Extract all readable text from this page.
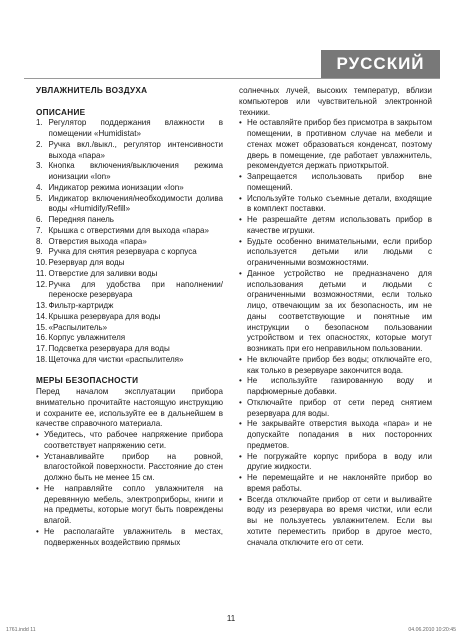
РУССКИЙ
УВЛАЖНИТЕЛЬ ВОЗДУХА
ОПИСАНИЕ
1. Регулятор поддержания влажности в помещении «Humidistat»
2. Ручка вкл./выкл., регулятор интенсивности выхода «пара»
3. Кнопка включения/выключения режима ионизации «Ion»
4. Индикатор режима ионизации «Ion»
5. Индикатор включения/необходимости долива воды «Humidify/Refill»
6. Передняя панель
7. Крышка с отверстиями для выхода «пара»
8. Отверстия выхода «пара»
9. Ручка для снятия резервуара с корпуса
10. Резервуар для воды
11. Отверстие для заливки воды
12. Ручка для удобства при наполнении/переноске резервуара
13. Фильтр-картридж
14. Крышка резервуара для воды
15. «Распылитель»
16. Корпус увлажнителя
17. Подсветка резервуара для воды
18. Щеточка для чистки «распылителя»
МЕРЫ БЕЗОПАСНОСТИ
Перед началом эксплуатации прибора внимательно прочитайте настоящую инструкцию и сохраните ее, используйте ее в дальнейшем в качестве справочного материала.
• Убедитесь, что рабочее напряжение прибора соответствует напряжению сети.
• Устанавливайте прибор на ровной, влагостойкой поверхности. Расстояние до стен должно быть не менее 15 см.
• Не направляйте сопло увлажнителя на деревянную мебель, электроприборы, книги и на предметы, которые могут быть повреждены влагой.
• Не располагайте увлажнитель в местах, подверженных воздействию прямых
солнечных лучей, высоких температур, вблизи компьютеров или чувствительной электронной техники.
• Не оставляйте прибор без присмотра в закрытом помещении, в противном случае на мебели и стенах может образоваться конденсат, поэтому дверь в помещение, где работает увлажнитель, рекомендуется держать приоткрытой.
• Запрещается использовать прибор вне помещений.
• Используйте только съемные детали, входящие в комплект поставки.
• Не разрешайте детям использовать прибор в качестве игрушки.
• Будьте особенно внимательными, если прибор используется детьми или людьми с ограниченными возможностями.
• Данное устройство не предназначено для использования детьми и людьми с ограниченными возможностями, если только лицо, отвечающим за их безопасность, им не даны соответствующие и понятные им инструкции о безопасном пользовании устройством и тех опасностях, которые могут возникать при его неправильном пользовании.
• Не включайте прибор без воды; отключайте его, как только в резервуаре закончится вода.
• Не используйте газированную воду и парфюмерные добавки.
• Отключайте прибор от сети перед снятием резервуара для воды.
• Не закрывайте отверстия выхода «пара» и не допускайте попадания в них посторонних предметов.
• Не погружайте корпус прибора в воду или другие жидкости.
• Не перемещайте и не наклоняйте прибор во время работы.
• Всегда отключайте прибор от сети и выливайте воду из резервуара во время чистки, или если вы не пользуетесь увлажнителем. Если вы хотите переместить прибор в другое место, сначала отключите его от сети.
11
1761.indd 11	04.06.2010 10:20:45
